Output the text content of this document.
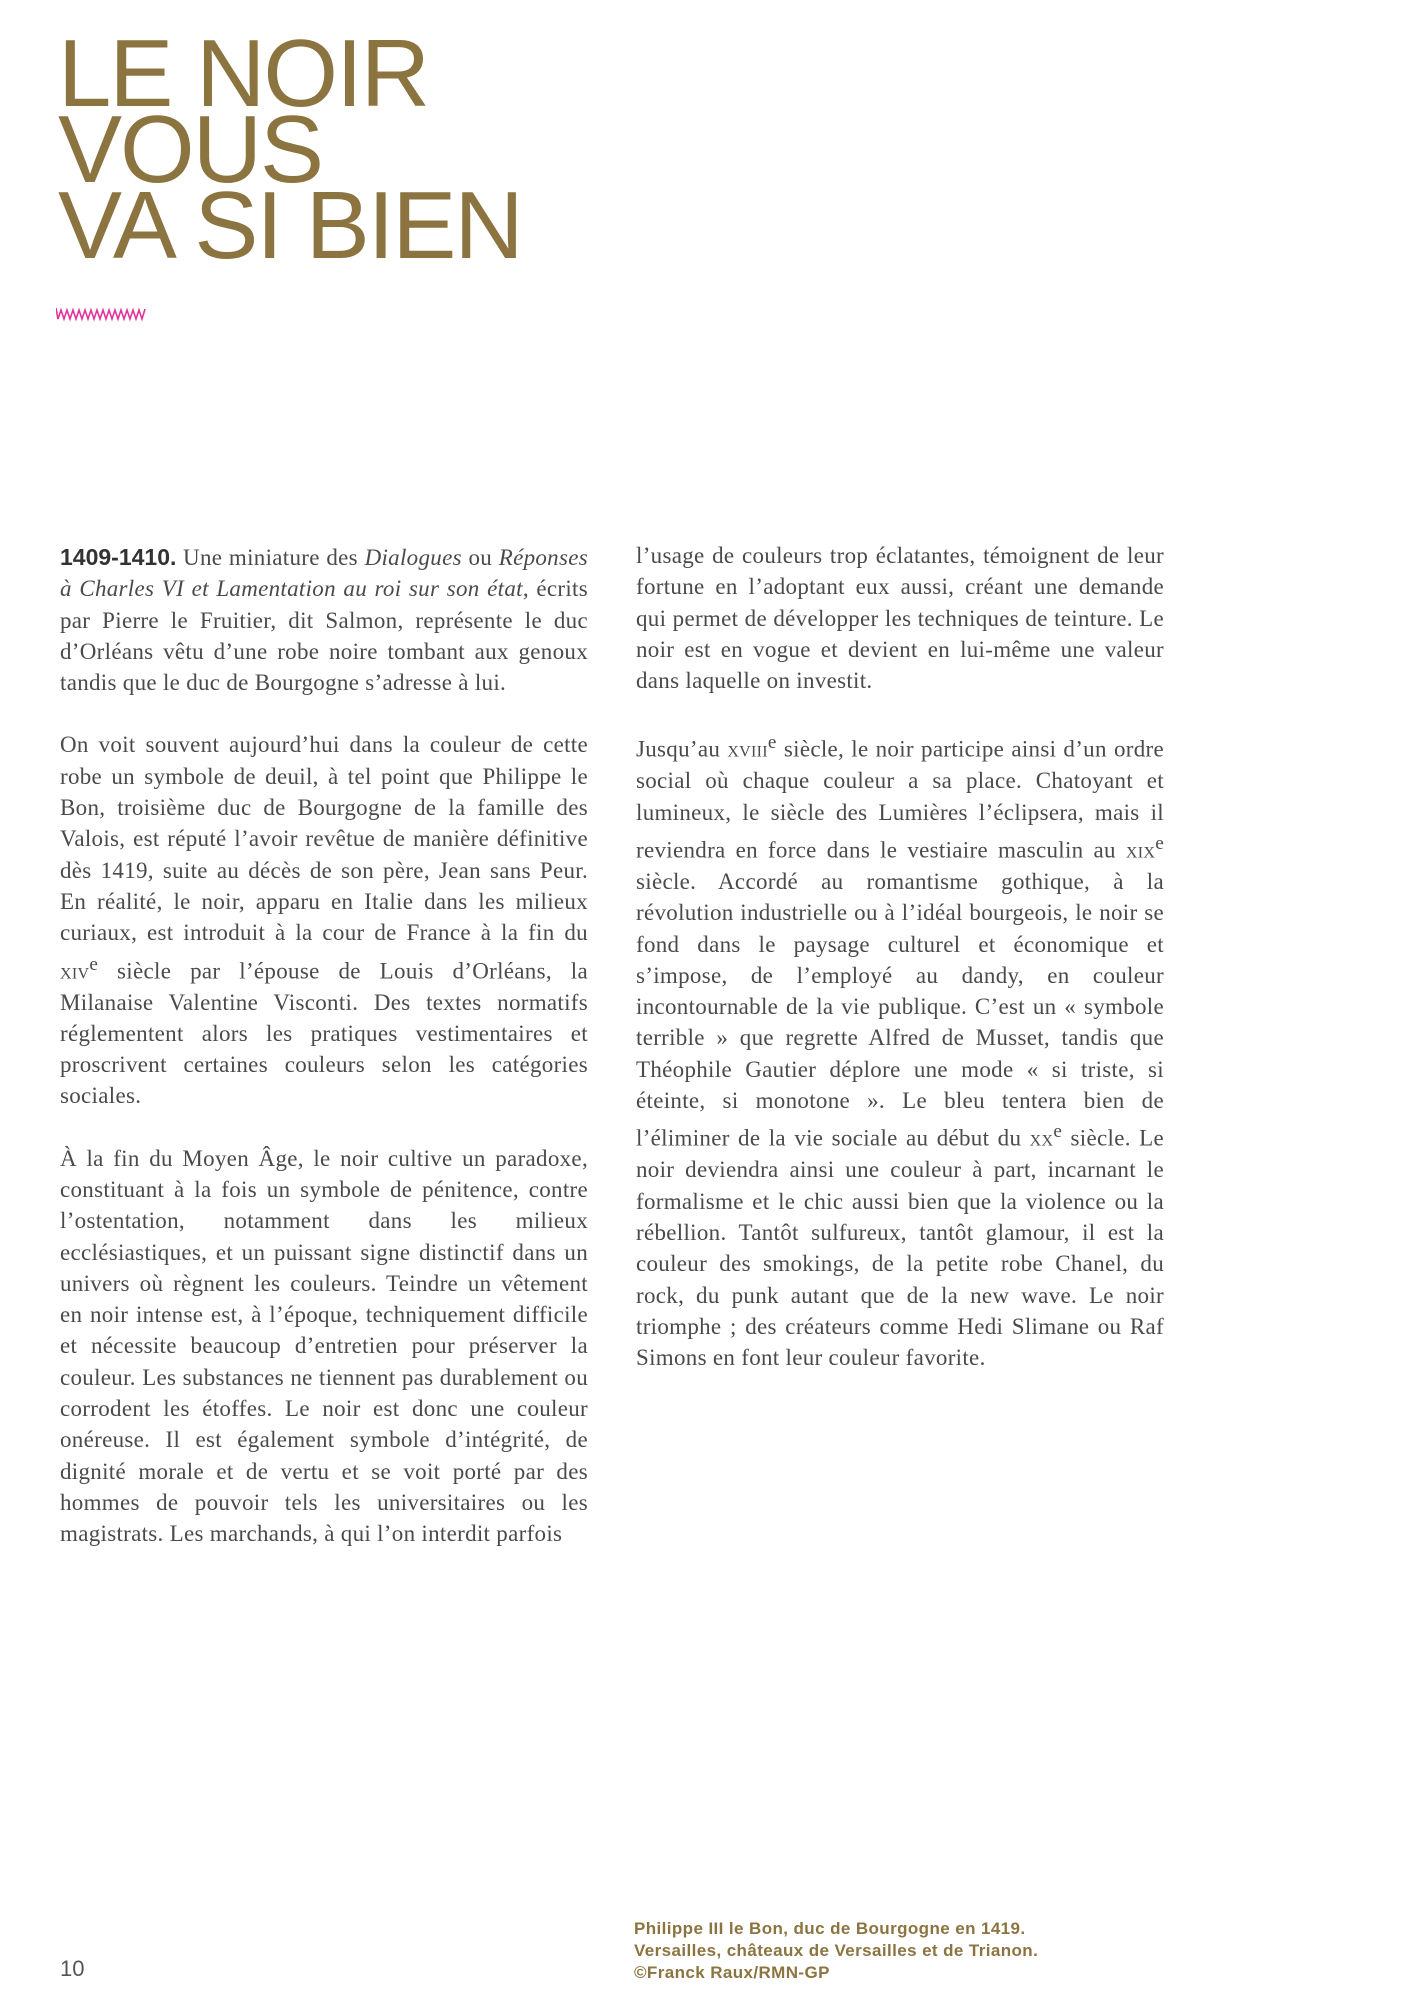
LE NOIR
VOUS
VA SI BIEN

1409-1410. Une miniature des Dialogues ou Réponses à Charles VI et Lamentation au roi sur son état, écrits par Pierre le Fruitier, dit Salmon, représente le duc d’Orléans vêtu d’une robe noire tombant aux genoux tandis que le duc de Bourgogne s’adresse à lui.

On voit souvent aujourd’hui dans la couleur de cette robe un symbole de deuil, à tel point que Philippe le Bon, troisième duc de Bourgogne de la famille des Valois, est réputé l’avoir revêtue de manière définitive dès 1419, suite au décès de son père, Jean sans Peur. En réalité, le noir, apparu en Italie dans les milieux curiaux, est introduit à la cour de France à la fin du xiv$^e$ siècle par l’épouse de Louis d’Orléans, la Milanaise Valentine Visconti. Des textes normatifs réglementent alors les pratiques vestimentaires et proscrivent certaines couleurs selon les catégories sociales.

À la fin du Moyen Âge, le noir cultive un paradoxe, constituant à la fois un symbole de pénitence, contre l’ostentation, notamment dans les milieux ecclésiastiques, et un puissant signe distinctif dans un univers où règnent les couleurs. Teindre un vêtement en noir intense est, à l’époque, techniquement difficile et nécessite beaucoup d’entretien pour préserver la couleur. Les substances ne tiennent pas durablement ou corrodent les étoffes. Le noir est donc une couleur onéreuse. Il est également symbole d’intégrité, de dignité morale et de vertu et se voit porté par des hommes de pouvoir tels les universitaires ou les magistrats. Les marchands, à qui l’on interdit parfois

l’usage de couleurs trop éclatantes, témoignent de leur fortune en l’adoptant eux aussi, créant une demande qui permet de développer les techniques de teinture. Le noir est en vogue et devient en lui-même une valeur dans laquelle on investit.

Jusqu’au xviii$^e$ siècle, le noir participe ainsi d’un ordre social où chaque couleur a sa place. Chatoyant et lumineux, le siècle des Lumières l’éclipsera, mais il reviendra en force dans le vestiaire masculin au xix$^e$ siècle. Accordé au romantisme gothique, à la révolution industrielle ou à l’idéal bourgeois, le noir se fond dans le paysage culturel et économique et s’impose, de l’employé au dandy, en couleur incontournable de la vie publique. C’est un « symbole terrible » que regrette Alfred de Musset, tandis que Théophile Gautier déplore une mode « si triste, si éteinte, si monotone ». Le bleu tentera bien de l’éliminer de la vie sociale au début du $xx^e$ siècle. Le noir deviendra ainsi une couleur à part, incarnant le formalisme et le chic aussi bien que la violence ou la rébellion. Tantôt sulfureux, tantôt glamour, il est la couleur des smokings, de la petite robe Chanel, du rock, du punk autant que de la new wave. Le noir triomphe ; des créateurs comme Hedi Slimane ou Raf Simons en font leur couleur favorite.

Philippe III le Bon, duc de Bourgogne en 1419.
Versailles, châteaux de Versailles et de Trianon.
©Franck Raux/RMN-GP
10
